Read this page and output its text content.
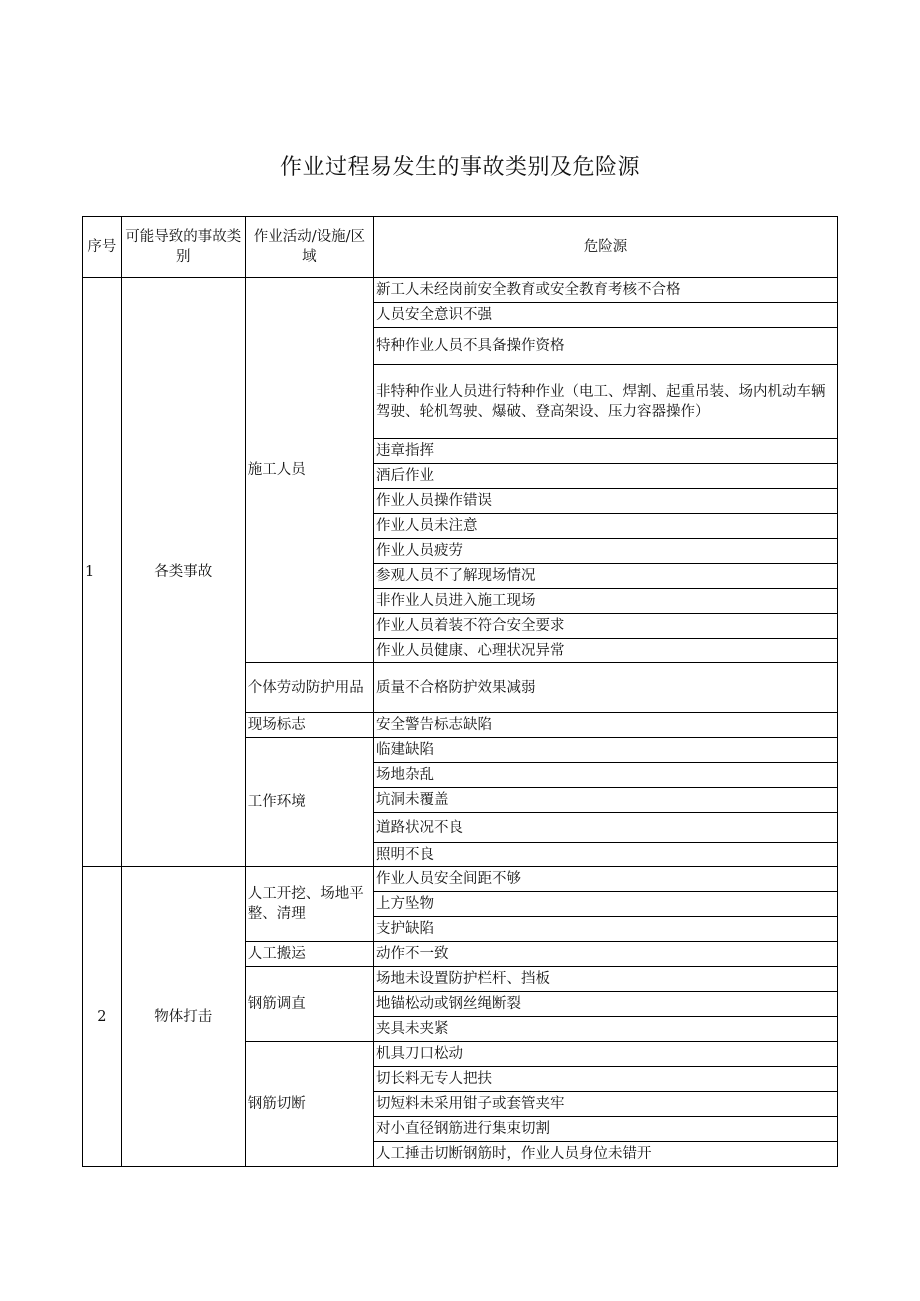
作业过程易发生的事故类别及危险源
序号	可能导致的事故类别	作业活动/设施/区域	危险源
1	各类事故	施工人员	新工人未经岗前安全教育或安全教育考核不合格
			人员安全意识不强
			特种作业人员不具备操作资格
			非特种作业人员进行特种作业（电工、焊割、起重吊装、场内机动车辆驾驶、轮机驾驶、爆破、登高架设、压力容器操作）
			违章指挥
			酒后作业
			作业人员操作错误
			作业人员未注意
			作业人员疲劳
			参观人员不了解现场情况
			非作业人员进入施工现场
			作业人员着装不符合安全要求
			作业人员健康、心理状况异常
		个体劳动防护用品	质量不合格防护效果减弱
		现场标志	安全警告标志缺陷
		工作环境	临建缺陷
			场地杂乱
			坑洞未覆盖
			道路状况不良
			照明不良
2	物体打击	人工开挖、场地平整、清理	作业人员安全间距不够
			上方坠物
			支护缺陷
		人工搬运	动作不一致
		钢筋调直	场地未设置防护栏杆、挡板
			地锚松动或钢丝绳断裂
			夹具未夹紧
		钢筋切断	机具刀口松动
			切长料无专人把扶
			切短料未采用钳子或套管夹牢
			对小直径钢筋进行集束切割
			人工捶击切断钢筋时，作业人员身位未错开
